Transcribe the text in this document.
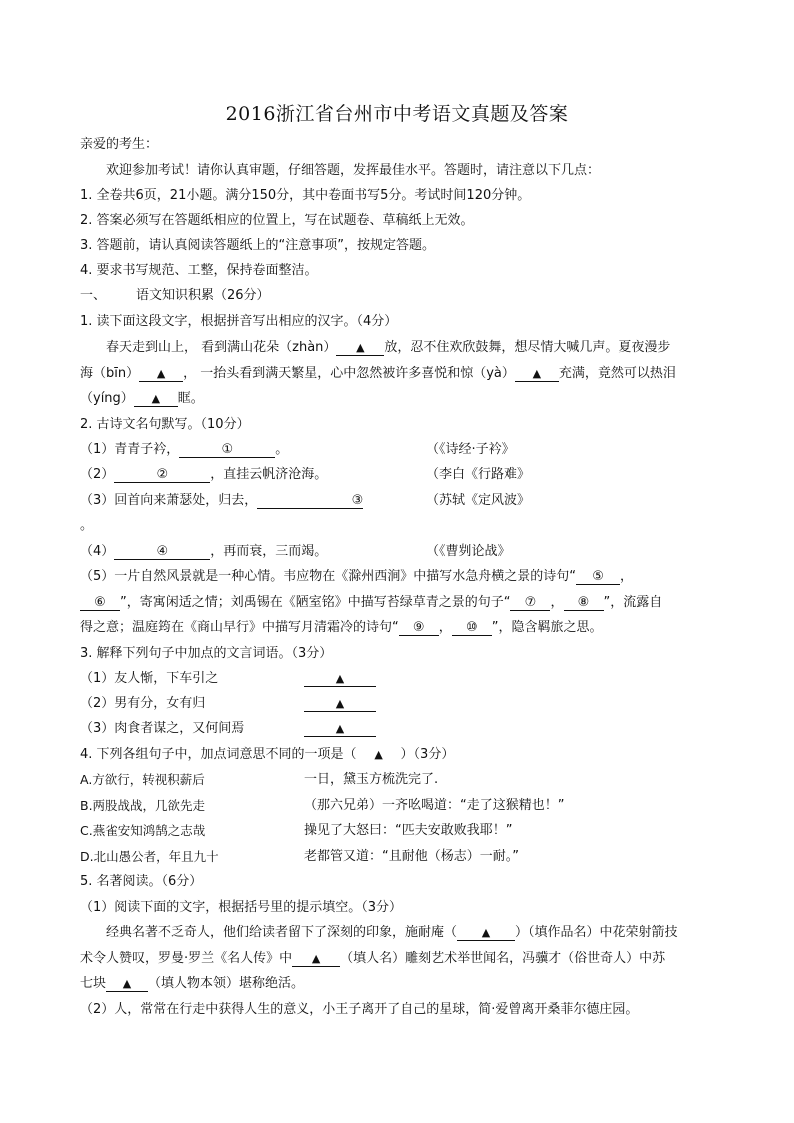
2016浙江省台州市中考语文真题及答案
亲爱的考生：
欢迎参加考试！请你认真审题，仔细答题，发挥最佳水平。答题时，请注意以下几点：
1. 全卷共6页，21小题。满分150分，其中卷面书写5分。考试时间120分钟。
2. 答案必须写在答题纸相应的位置上，写在试题卷、草稿纸上无效。
3. 答题前，请认真阅读答题纸上的“注意事项”，按规定答题。
4. 要求书写规范、工整，保持卷面整洁。
一、 语文知识积累（26分）
1. 读下面这段文字，根据拼音写出相应的汉字。（4分）
春天走到山上， 看到满山花朵（zhàn） ▲ 放，忍不住欢欣鼓舞，想尽情大喊几声。夏夜漫步
海（bīn） ▲ ， 一抬头看到满天繁星，心中忽然被许多喜悦和惊（yà） ▲ 充满，竟然可以热泪
（yíng） ▲ 眶。
2. 古诗文名句默写。（10分）
（1）青青子衿，	①	。	（《诗经·子衿》
（2）	②	，直挂云帆济沧海。	（李白《行路难》
（3）回首向来萧瑟处，归去，	③	（苏轼《定风波》
。
（4）	④	，再而衰，三而竭。	（《曹刿论战》
（5）一片自然风景就是一种心情。韦应物在《滁州西涧》中描写水急舟横之景的诗句“ ⑤ ，
⑥ ”，寄寓闲适之情；刘禹锡在《陋室铭》中描写苔绿草青之景的句子“ ⑦ ， ⑧ ”，流露自
得之意；温庭筠在《商山早行》中描写月清霜冷的诗句“ ⑨ ， ⑩ ”，隐含羁旅之思。
3. 解释下列句子中加点的文言词语。（3分）
（1）友人惭，下车引之	▲
（2）男有分，女有归	▲
（3）肉食者谋之，又何间焉	▲
4. 下列各组句子中，加点词意思不同的一项是（ ▲ ）（3分）
A.方欲行，转视积薪后	一日，黛玉方梳洗完了.
B.两股战战，几欲先走	（那六兄弟）一齐吆喝道：“走了这猴精也！”
C.燕雀安知鸿鹄之志哉	操见了大怒曰：“匹夫安敢败我耶！”
D.北山愚公者，年且九十	老都管又道：“且耐他（杨志）一耐。”
5. 名著阅读。（6分）
（1）阅读下面的文字，根据括号里的提示填空。（3分）
经典名著不乏奇人，他们给读者留下了深刻的印象，施耐庵（ ▲ ）（填作品名）中花荣射箭技
术令人赞叹，罗曼·罗兰《名人传》中 ▲ （填人名）雕刻艺术举世闻名，冯骥才（俗世奇人）中苏
七块 ▲ （填人物本领）堪称绝活。
（2）人，常常在行走中获得人生的意义，小王子离开了自己的星球，简·爱曾离开桑菲尔德庄园。
